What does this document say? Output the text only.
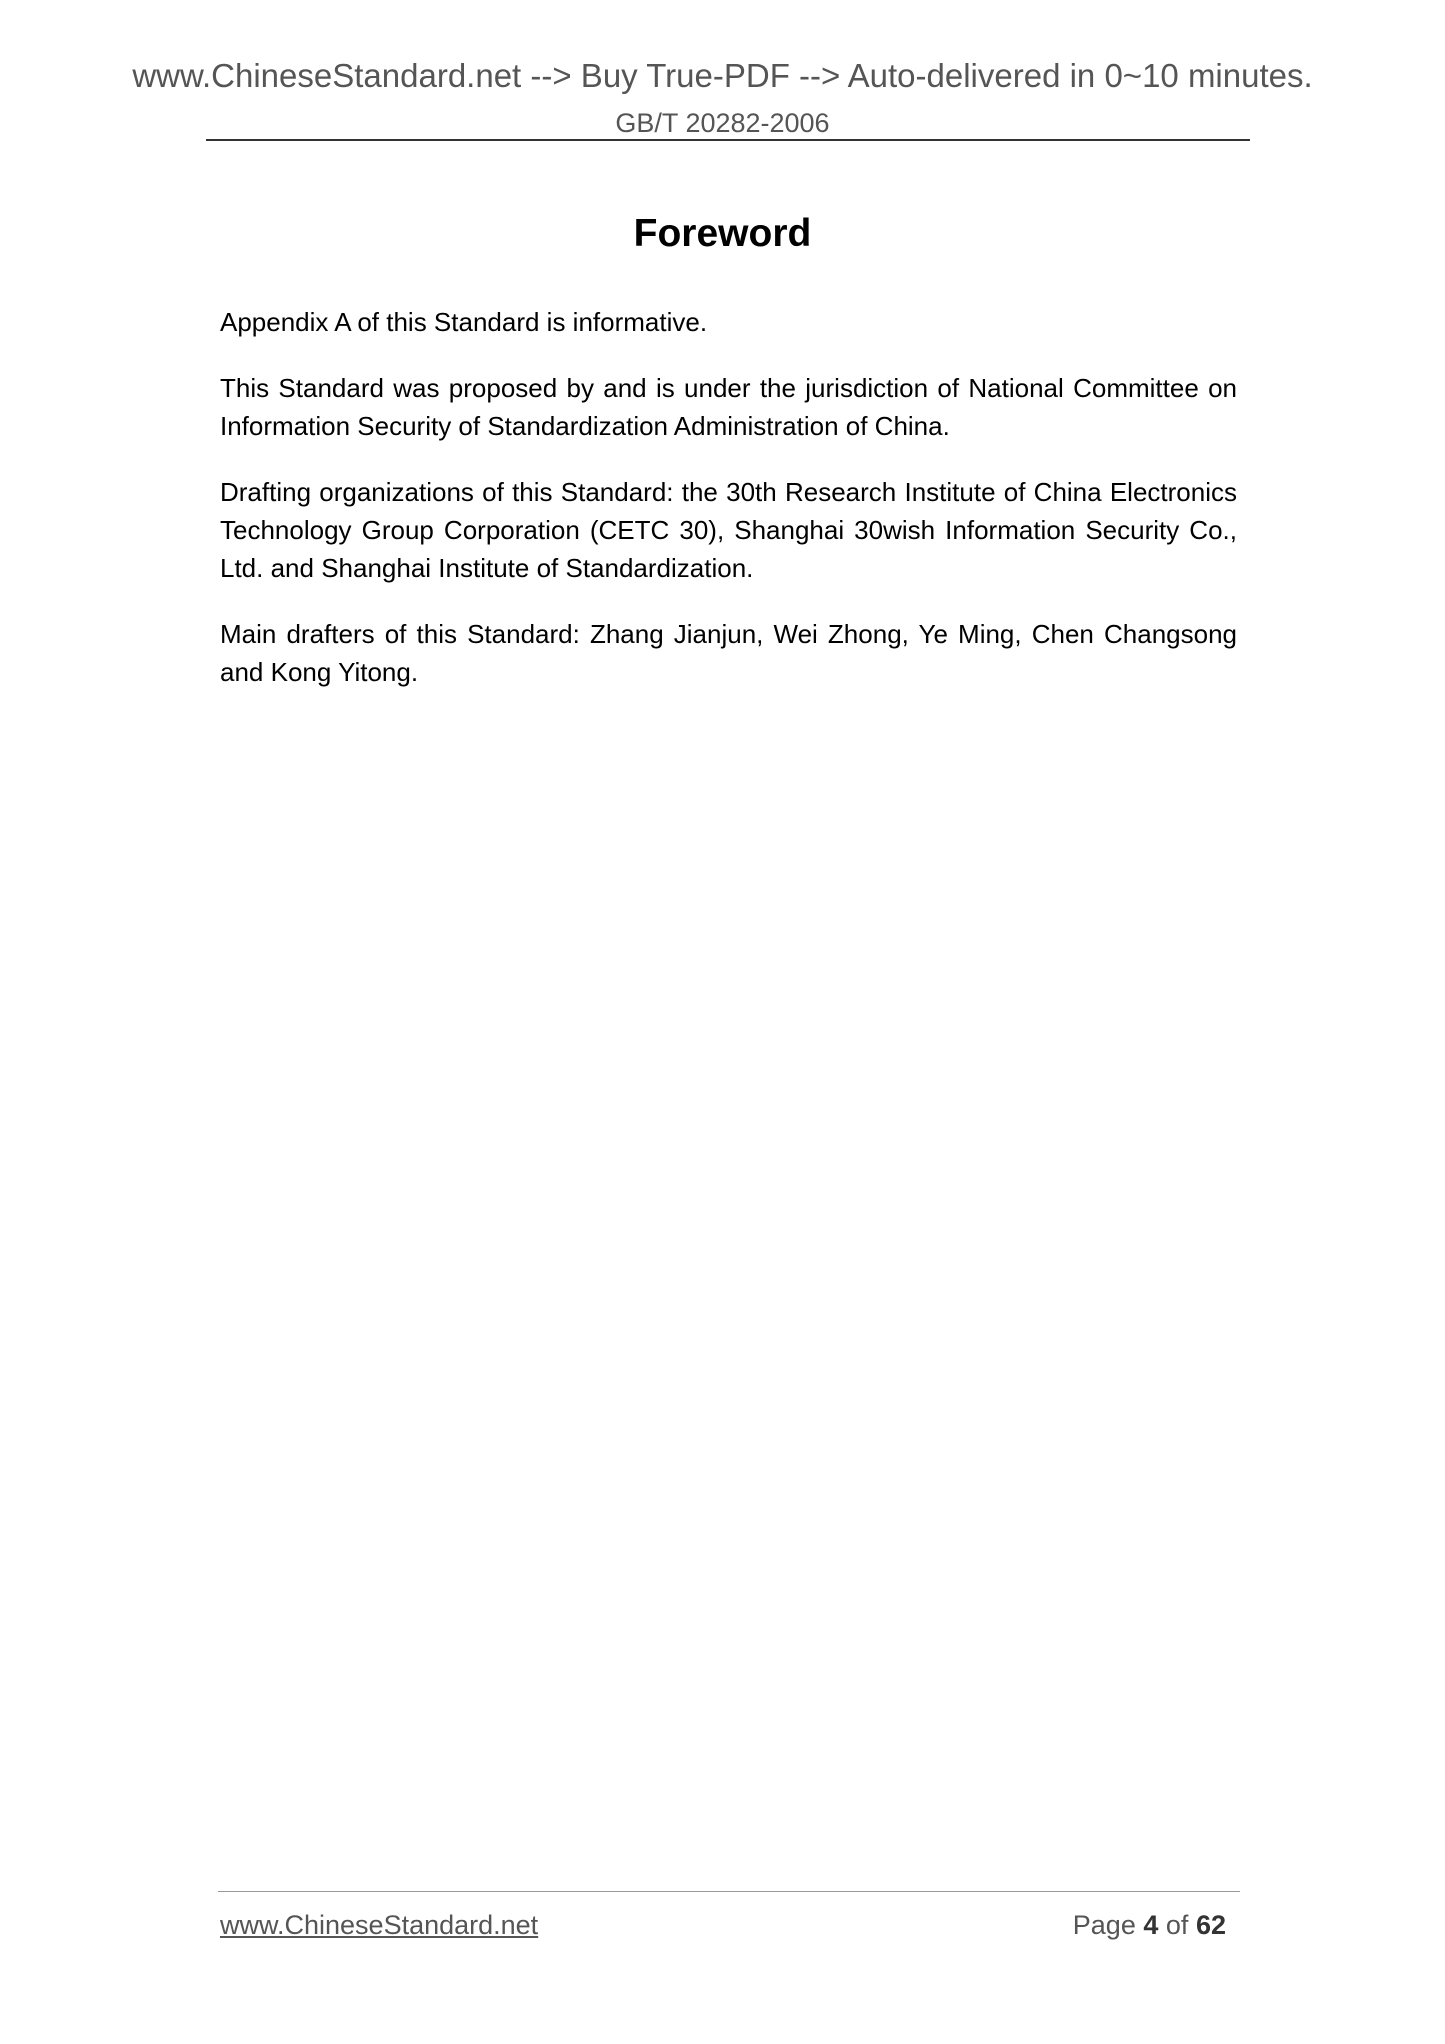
www.ChineseStandard.net --> Buy True-PDF --> Auto-delivered in 0~10 minutes.
GB/T 20282-2006
Foreword

Appendix A of this Standard is informative.

This Standard was proposed by and is under the jurisdiction of National Committee on Information Security of Standardization Administration of China.

Drafting organizations of this Standard: the 30th Research Institute of China Electronics Technology Group Corporation (CETC 30), Shanghai 30wish Information Security Co., Ltd. and Shanghai Institute of Standardization.

Main drafters of this Standard: Zhang Jianjun, Wei Zhong, Ye Ming, Chen Changsong and Kong Yitong.

www.ChineseStandard.net	Page 4 of 62
